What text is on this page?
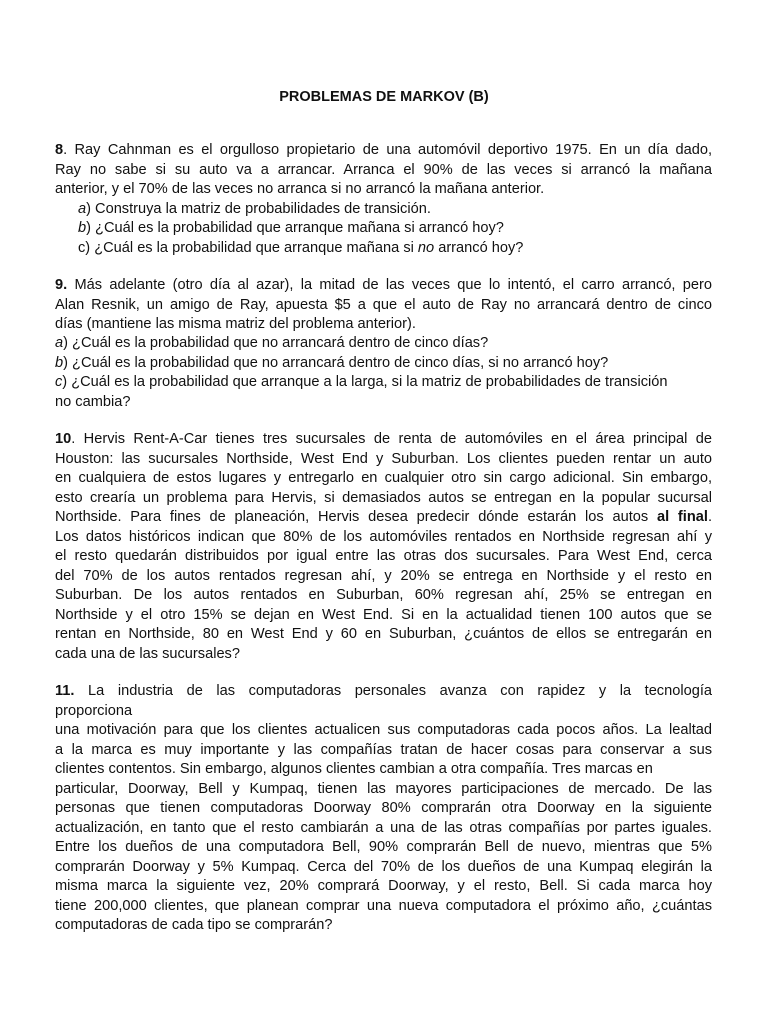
PROBLEMAS DE MARKOV (B)
8. Ray Cahnman es el orgulloso propietario de una automóvil deportivo 1975. En un día dado,
Ray no sabe si su auto va a arrancar. Arranca el 90% de las veces si arrancó la mañana
anterior, y el 70% de las veces no arranca si no arrancó la mañana anterior.
a) Construya la matriz de probabilidades de transición.
b) ¿Cuál es la probabilidad que arranque mañana si arrancó hoy?
c) ¿Cuál es la probabilidad que arranque mañana si no arrancó hoy?
9. Más adelante (otro día al azar), la mitad de las veces que lo intentó, el carro arrancó, pero
Alan Resnik, un amigo de Ray, apuesta $5 a que el auto de Ray no arrancará dentro de cinco
días (mantiene las misma matriz del problema anterior).
a) ¿Cuál es la probabilidad que no arrancará dentro de cinco días?
b) ¿Cuál es la probabilidad que no arrancará dentro de cinco días, si no arrancó hoy?
c) ¿Cuál es la probabilidad que arranque a la larga, si la matriz de probabilidades de transición
no cambia?
10. Hervis Rent-A-Car tienes tres sucursales de renta de automóviles en el área principal de
Houston: las sucursales Northside, West End y Suburban. Los clientes pueden rentar un auto
en cualquiera de estos lugares y entregarlo en cualquier otro sin cargo adicional. Sin embargo,
esto crearía un problema para Hervis, si demasiados autos se entregan en la popular sucursal
Northside. Para fines de planeación, Hervis desea predecir dónde estarán los autos al final.
Los datos históricos indican que 80% de los automóviles rentados en Northside regresan ahí y
el resto quedarán distribuidos por igual entre las otras dos sucursales. Para West End, cerca
del 70% de los autos rentados regresan ahí, y 20% se entrega en Northside y el resto en
Suburban. De los autos rentados en Suburban, 60% regresan ahí, 25% se entregan en
Northside y el otro 15% se dejan en West End. Si en la actualidad tienen 100 autos que se
rentan en Northside, 80 en West End y 60 en Suburban, ¿cuántos de ellos se entregarán en
cada una de las sucursales?
11. La industria de las computadoras personales avanza con rapidez y la tecnología
proporciona
una motivación para que los clientes actualicen sus computadoras cada pocos años. La lealtad
a la marca es muy importante y las compañías tratan de hacer cosas para conservar a sus
clientes contentos. Sin embargo, algunos clientes cambian a otra compañía. Tres marcas en
particular, Doorway, Bell y Kumpaq, tienen las mayores participaciones de mercado. De las
personas que tienen computadoras Doorway 80% comprarán otra Doorway en la siguiente
actualización, en tanto que el resto cambiarán a una de las otras compañías por partes iguales.
Entre los dueños de una computadora Bell, 90% comprarán Bell de nuevo, mientras que 5%
comprarán Doorway y 5% Kumpaq. Cerca del 70% de los dueños de una Kumpaq elegirán la
misma marca la siguiente vez, 20% comprará Doorway, y el resto, Bell. Si cada marca hoy
tiene 200,000 clientes, que planean comprar una nueva computadora el próximo año, ¿cuántas
computadoras de cada tipo se comprarán?
